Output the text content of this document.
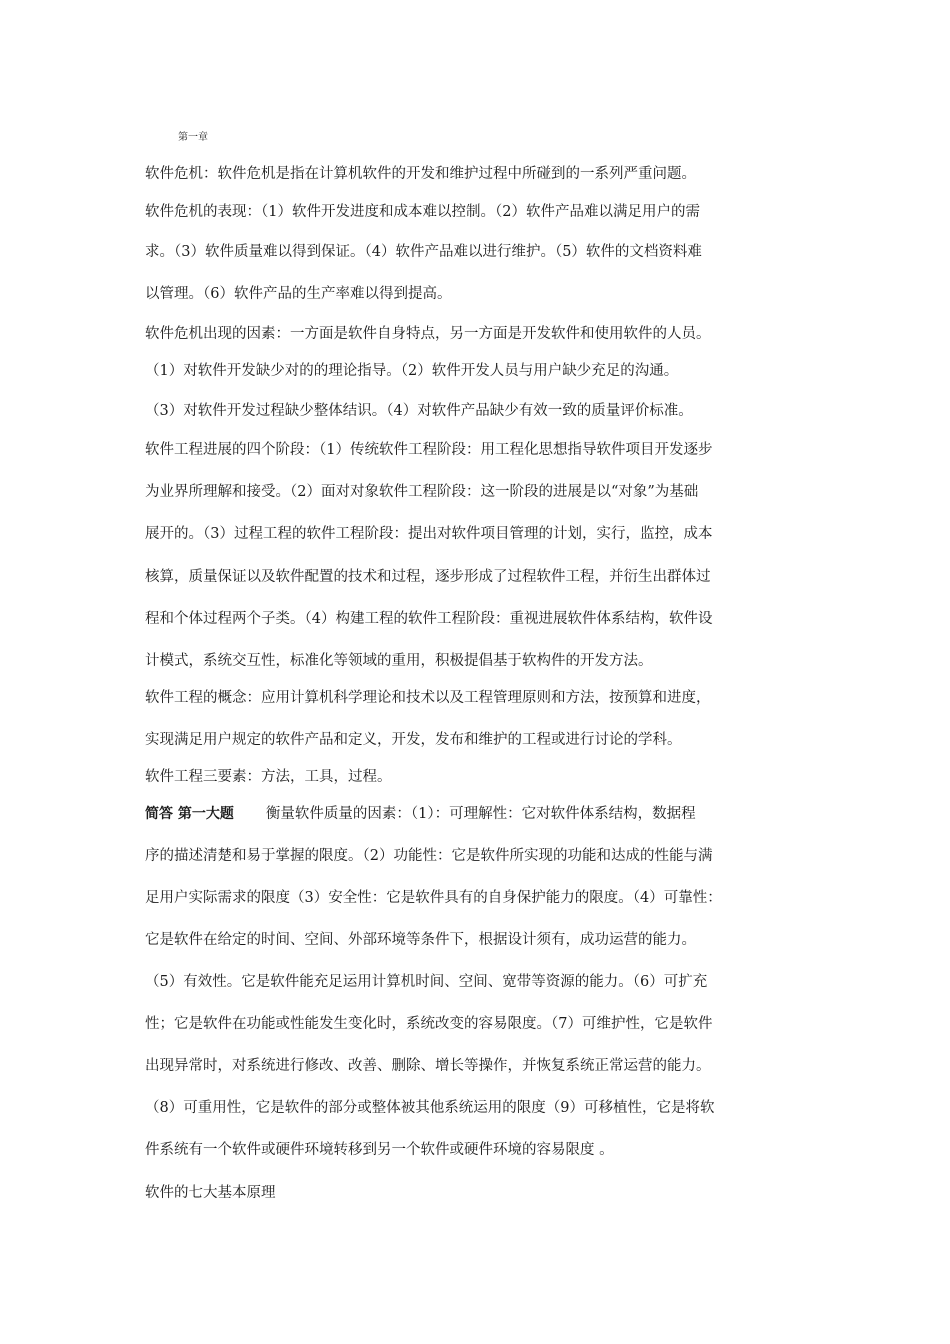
第一章
软件危机：软件危机是指在计算机软件的开发和维护过程中所碰到的一系列严重问题。
软件危机的表现：（1）软件开发进度和成本难以控制。（2）软件产品难以满足用户的需
求。（3）软件质量难以得到保证。（4）软件产品难以进行维护。（5）软件的文档资料难
以管理。（6）软件产品的生产率难以得到提高。
软件危机出现的因素：一方面是软件自身特点，另一方面是开发软件和使用软件的人员。
（1）对软件开发缺少对的的理论指导。（2）软件开发人员与用户缺少充足的沟通。
（3）对软件开发过程缺少整体结识。（4）对软件产品缺少有效一致的质量评价标准。
软件工程进展的四个阶段：（1）传统软件工程阶段：用工程化思想指导软件项目开发逐步
为业界所理解和接受。（2）面对对象软件工程阶段：这一阶段的进展是以“对象”为基础
展开的。（3）过程工程的软件工程阶段：提出对软件项目管理的计划，实行，监控，成本
核算，质量保证以及软件配置的技术和过程，逐步形成了过程软件工程，并衍生出群体过
程和个体过程两个子类。（4）构建工程的软件工程阶段：重视进展软件体系结构，软件设
计模式，系统交互性，标准化等领域的重用，积极提倡基于软构件的开发方法。
软件工程的概念：应用计算机科学理论和技术以及工程管理原则和方法，按预算和进度，
实现满足用户规定的软件产品和定义，开发，发布和维护的工程或进行讨论的学科。
软件工程三要素：方法，工具，过程。
简答 第一大题 衡量软件质量的因素：（1）：可理解性：它对软件体系结构，数据程
序的描述清楚和易于掌握的限度。（2）功能性：它是软件所实现的功能和达成的性能与满
足用户实际需求的限度（3）安全性：它是软件具有的自身保护能力的限度。（4）可靠性：
它是软件在给定的时间、空间、外部环境等条件下，根据设计须有，成功运营的能力。
（5）有效性。它是软件能充足运用计算机时间、空间、宽带等资源的能力。（6）可扩充
性；它是软件在功能或性能发生变化时，系统改变的容易限度。（7）可维护性，它是软件
出现异常时，对系统进行修改、改善、删除、增长等操作，并恢复系统正常运营的能力。
（8）可重用性，它是软件的部分或整体被其他系统运用的限度（9）可移植性，它是将软
件系统有一个软件或硬件环境转移到另一个软件或硬件环境的容易限度 。
软件的七大基本原理
